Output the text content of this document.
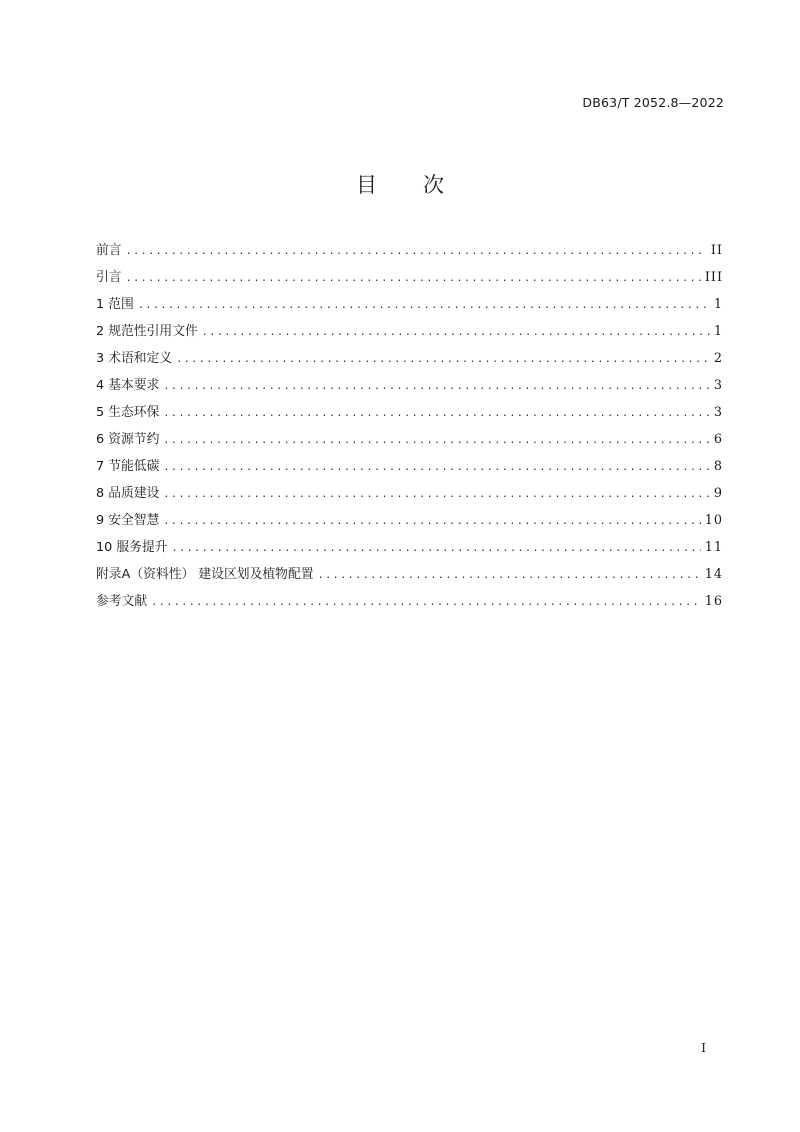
DB63/T 2052.8—2022
目 次
前言 .....	II
引言 .....	III
1 范围 .....	1
2 规范性引用文件 .....	1
3 术语和定义 .....	2
4 基本要求 .....	3
5 生态环保 .....	3
6 资源节约 .....	6
7 节能低碳 .....	8
8 品质建设 .....	9
9 安全智慧 .....	10
10 服务提升 .....	11
附录A（资料性） 建设区划及植物配置 .....	14
参考文献 .....	16
I
